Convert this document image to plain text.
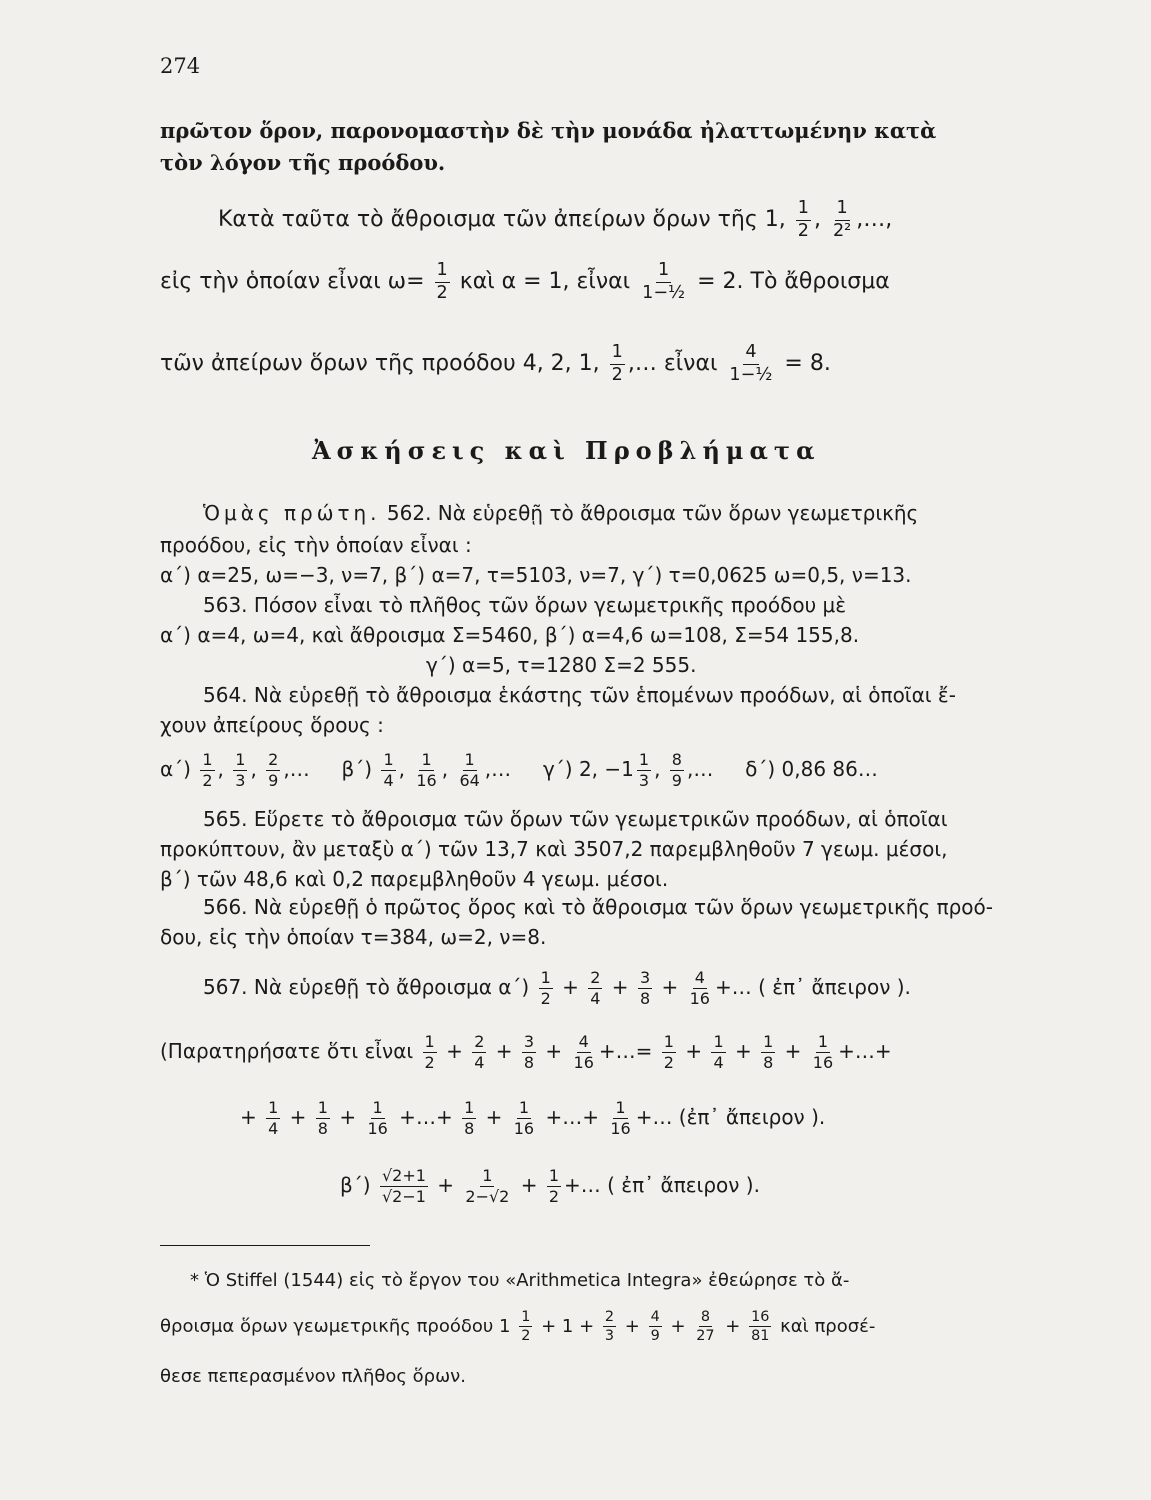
274
πρῶτον ὅρον, παρονομαστὴν δὲ τὴν μονάδα ἠλαττωμένην κατὰ
τὸν λόγον τῆς προόδου.
Κατὰ ταῦτα τὸ ἄθροισμα τῶν ἀπείρων ὅρων τῆς 1, $\frac{1}{2}$ , $\frac{1}{\text{2²}}$ ,…,
εἰς τὴν ὁποίαν εἶναι $\omega= \frac{1}{2}$ καὶ α = 1, εἶναι $\frac{1}{\text{1−½}} = 2$. Τὸ ἄθροισμα
τῶν ἀπείρων ὅρων τῆς προόδου 4, 2, 1, $\frac{1}{2}$ ,… εἶναι $\frac{4}{\text{1−½}} = 8$.
Ἀσκήσεις καὶ Προβλήματα
Ὁμὰς πρώτη. 562. Νὰ εὑρεθῇ τὸ ἄθροισμα τῶν ὅρων γεωμετρικῆς
προόδου, εἰς τὴν ὁποίαν εἶναι :
α΄) α=25, ω=−3, ν=7, β΄) α=7, τ=5103, ν=7, γ΄) τ=0,0625 ω=0,5, ν=13.
563. Πόσον εἶναι τὸ πλῆθος τῶν ὅρων γεωμετρικῆς προόδου μὲ
α΄) α=4, ω=4, καὶ ἄθροισμα Σ=5460, β΄) α=4,6 ω=108, Σ=54 155,8.
γ΄) α=5, τ=1280 Σ=2 555.
564. Νὰ εὑρεθῇ τὸ ἄθροισμα ἑκάστης τῶν ἑπομένων προόδων, αἱ ὁποῖαι ἔ-
χουν ἀπείρους ὅρους :
$\alpha΄) \frac{1}{2}$ , $\frac{1}{3}$ , $\frac{2}{9}$ ,…     $\beta΄) \frac{1}{4}$ , $\frac{1}{16}$ , $\frac{1}{64}$ ,…     γ΄) 2, $-1 \frac{1}{3}$ , $\frac{8}{9}$ ,…     δ΄) 0,86 86…
565. Εὕρετε τὸ ἄθροισμα τῶν ὅρων τῶν γεωμετρικῶν προόδων, αἱ ὁποῖαι
προκύπτουν, ἂν μεταξὺ α΄) τῶν 13,7 καὶ 3507,2 παρεμβληθοῦν 7 γεωμ. μέσοι,
β΄) τῶν 48,6 καὶ 0,2 παρεμβληθοῦν 4 γεωμ. μέσοι.
566. Νὰ εὑρεθῇ ὁ πρῶτος ὅρος καὶ τὸ ἄθροισμα τῶν ὅρων γεωμετρικῆς προό-
δου, εἰς τὴν ὁποίαν τ=384, ω=2, ν=8.
567. Νὰ εὑρεθῇ τὸ ἄθροισμα $\alpha΄) \frac{1}{2} + \frac{2}{4} + \frac{3}{8} + \frac{4}{16}$ +… ( ἐπ᾽ ἄπειρον ).
(Παρατηρήσατε ὅτι εἶναι $\frac{1}{2} + \frac{2}{4} + \frac{3}{8} + \frac{4}{16}$ +…= $\frac{1}{2} + \frac{1}{4} + \frac{1}{8} + \frac{1}{16}$ +…+
+ $\frac{1}{4} + \frac{1}{8} + \frac{1}{16}$ +…+ $\frac{1}{8} + \frac{1}{16}$ +…+ $\frac{1}{16}$ +… (ἐπ᾽ ἄπειρον ).
$\beta΄) \frac{√2+1}{√2-1} + \frac{1}{2-√2} + \frac{1}{2}$ +… ( ἐπ᾽ ἄπειρον ).
* Ὁ Stiffel (1544) εἰς τὸ ἔργον του «Arithmetica Integra» ἐθεώρησε τὸ ἄ-
θροισμα ὅρων γεωμετρικῆς προόδου $1 \frac{1}{2} + 1 + \frac{2}{3} + \frac{4}{9} + \frac{8}{27} + \frac{16}{81}$ καὶ προσέ-
θεσε πεπερασμένον πλῆθος ὅρων.
